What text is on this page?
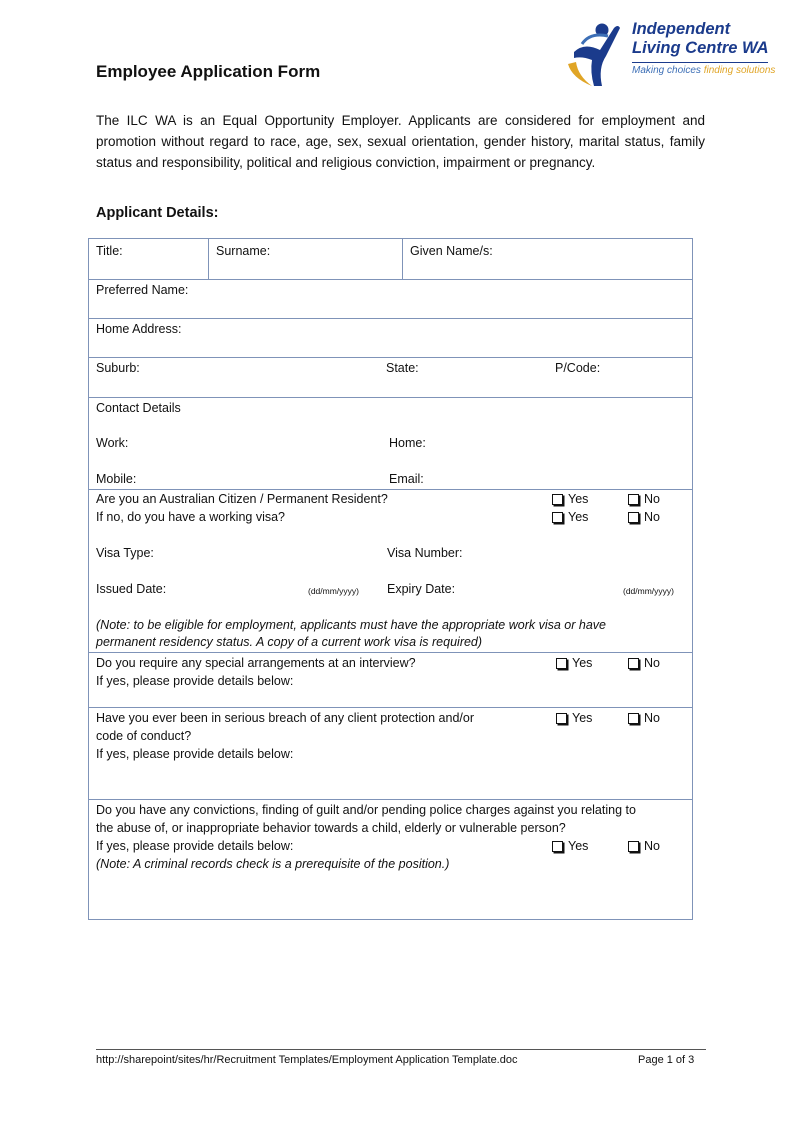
Employee Application Form
Independent
Living Centre WA
Making choices finding solutions
The ILC WA is an Equal Opportunity Employer. Applicants are considered for employment and promotion without regard to race, age, sex, sexual orientation, gender history, marital status, family status and responsibility, political and religious conviction, impairment or pregnancy.
Applicant Details:
Title:	Surname:	Given Name/s:
Preferred Name:
Home Address:
Suburb:	State:	P/Code:
Contact Details
Work:	Home:
Mobile:	Email:
Are you an Australian Citizen / Permanent Resident?	Yes	No
If no, do you have a working visa?	Yes	No
Visa Type:	Visa Number:
Issued Date:	(dd/mm/yyyy) Expiry Date:	(dd/mm/yyyy)
(Note: to be eligible for employment, applicants must have the appropriate work visa or have
permanent residency status. A copy of a current work visa is required)
Do you require any special arrangements at an interview?	Yes	No
If yes, please provide details below:
Have you ever been in serious breach of any client protection and/or
code of conduct?
Yes	No
If yes, please provide details below:
Do you have any convictions, finding of guilt and/or pending police charges against you relating to
the abuse of, or inappropriate behavior towards a child, elderly or vulnerable person?
If yes, please provide details below:	Yes	No
(Note: A criminal records check is a prerequisite of the position.)
http://sharepoint/sites/hr/Recruitment Templates/Employment Application Template.doc	Page 1 of 3
